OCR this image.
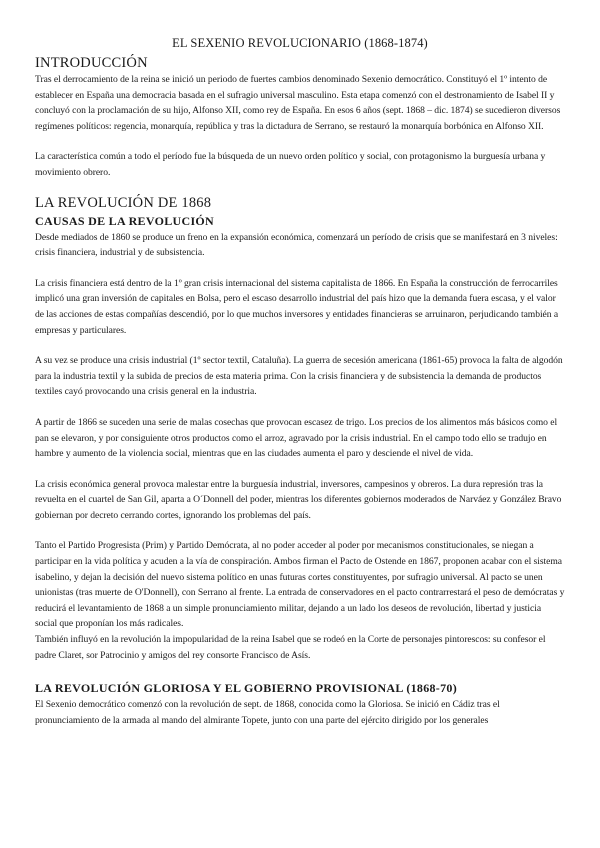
EL SEXENIO REVOLUCIONARIO (1868-1874)
INTRODUCCIÓN

Tras el derrocamiento de la reina se inició un periodo de fuertes cambios denominado Sexenio democrático. Constituyó el 1º intento de establecer en España una democracia basada en el sufragio universal masculino. Esta etapa comenzó con el destronamiento de Isabel II y concluyó con la proclamación de su hijo, Alfonso XII, como rey de España. En esos 6 años (sept. 1868 – dic. 1874) se sucedieron diversos regímenes políticos: regencia, monarquía, república y tras la dictadura de Serrano, se restauró la monarquía borbónica en Alfonso XII.

La característica común a todo el período fue la búsqueda de un nuevo orden político y social, con protagonismo la burguesía urbana y movimiento obrero.

LA REVOLUCIÓN DE 1868
CAUSAS DE LA REVOLUCIÓN

Desde mediados de 1860 se produce un freno en la expansión económica, comenzará un período de crisis que se manifestará en 3 niveles: crisis financiera, industrial y de subsistencia.

La crisis financiera está dentro de la 1º gran crisis internacional del sistema capitalista de 1866. En España la construcción de ferrocarriles implicó una gran inversión de capitales en Bolsa, pero el escaso desarrollo industrial del país hizo que la demanda fuera escasa, y el valor de las acciones de estas compañías descendió, por lo que muchos inversores y entidades financieras se arruinaron, perjudicando también a empresas y particulares.

A su vez se produce una crisis industrial (1º sector textil, Cataluña). La guerra de secesión americana (1861-65) provoca la falta de algodón para la industria textil y la subida de precios de esta materia prima. Con la crisis financiera y de subsistencia la demanda de productos textiles cayó provocando una crisis general en la industria.

A partir de 1866 se suceden una serie de malas cosechas que provocan escasez de trigo. Los precios de los alimentos más básicos como el pan se elevaron, y por consiguiente otros productos como el arroz, agravado por la crisis industrial. En el campo todo ello se tradujo en hambre y aumento de la violencia social, mientras que en las ciudades aumenta el paro y desciende el nivel de vida.

La crisis económica general provoca malestar entre la burguesía industrial, inversores, campesinos y obreros. La dura represión tras la revuelta en el cuartel de San Gil, aparta a O´Donnell del poder, mientras los diferentes gobiernos moderados de Narváez y González Bravo gobiernan por decreto cerrando cortes, ignorando los problemas del país.

Tanto el Partido Progresista (Prim) y Partido Demócrata, al no poder acceder al poder por mecanismos constitucionales, se niegan a participar en la vida política y acuden a la vía de conspiración. Ambos firman el Pacto de Ostende en 1867, proponen acabar con el sistema isabelino, y dejan la decisión del nuevo sistema político en unas futuras cortes constituyentes, por sufragio universal. Al pacto se unen unionistas (tras muerte de O'Donnell), con Serrano al frente. La entrada de conservadores en el pacto contrarrestará el peso de demócratas y reducirá el levantamiento de 1868 a un simple pronunciamiento militar, dejando a un lado los deseos de revolución, libertad y justicia social que proponían los más radicales.

También influyó en la revolución la impopularidad de la reina Isabel que se rodeó en la Corte de personajes pintorescos: su confesor el padre Claret, sor Patrocinio y amigos del rey consorte Francisco de Asís.

LA REVOLUCIÓN GLORIOSA Y EL GOBIERNO PROVISIONAL (1868-70)

El Sexenio democrático comenzó con la revolución de sept. de 1868, conocida como la Gloriosa. Se inició en Cádiz tras el pronunciamiento de la armada al mando del almirante Topete, junto con una parte del ejército dirigido por los generales
